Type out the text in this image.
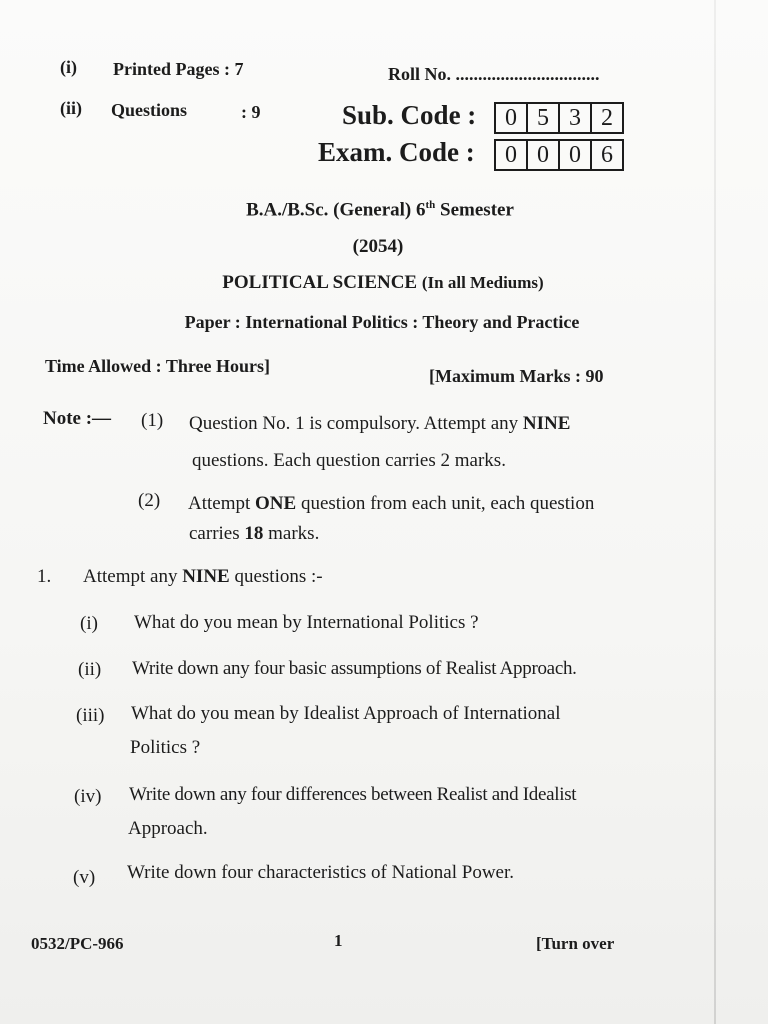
(i) Printed Pages : 7
(ii) Questions	: 9
Roll No. ................................
Sub. Code :	0 5 3 2
Exam. Code :	0 0 0 6
B.A./B.Sc. (General) 6th Semester
(2054)
POLITICAL SCIENCE (In all Mediums)
Paper : International Politics : Theory and Practice
Time Allowed : Three Hours]	[Maximum Marks : 90
Note :— (1) Question No. 1 is compulsory. Attempt any NINE
questions. Each question carries 2 marks.
(2) Attempt ONE question from each unit, each question
carries 18 marks.
1. Attempt any NINE questions :-
(i) What do you mean by International Politics ?
(ii) Write down any four basic assumptions of Realist Approach.
(iii) What do you mean by Idealist Approach of International
Politics ?
(iv) Write down any four differences between Realist and Idealist
Approach.
(v) Write down four characteristics of National Power.
0532/PC-966	1	[Turn over
